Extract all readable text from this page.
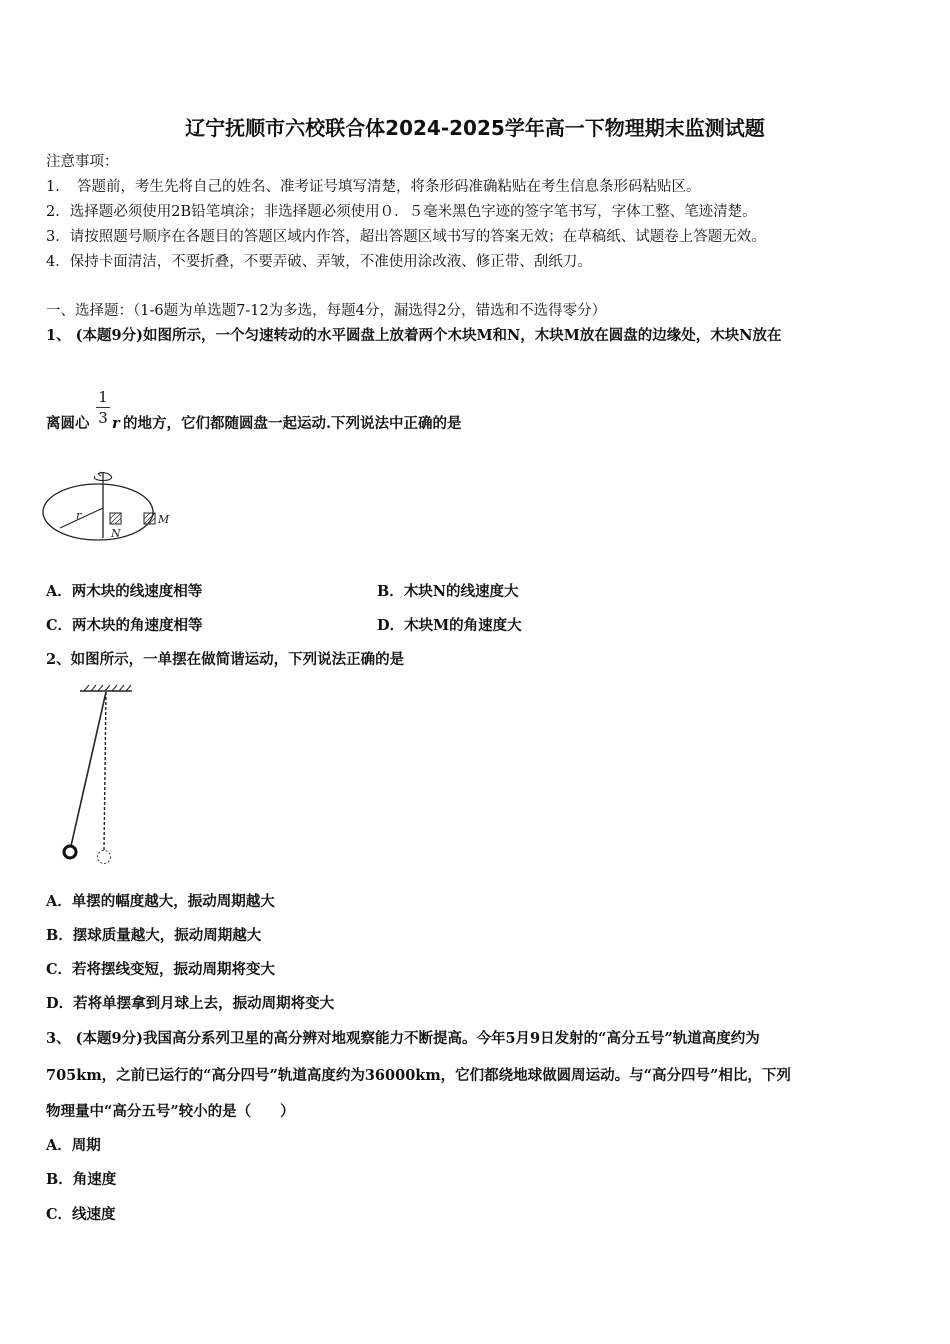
辽宁抚顺市六校联合体2024-2025学年高一下物理期末监测试题
注意事项：
1．　答题前，考生先将自己的姓名、准考证号填写清楚，将条形码准确粘贴在考生信息条形码粘贴区。
2．选择题必须使用2B铅笔填涂；非选择题必须使用０．５毫米黑色字迹的签字笔书写，字体工整、笔迹清楚。
3．请按照题号顺序在各题目的答题区域内作答，超出答题区域书写的答案无效；在草稿纸、试题卷上答题无效。
4．保持卡面清洁，不要折叠，不要弄破、弄皱，不准使用涂改液、修正带、刮纸刀。
一、选择题：（1-6题为单选题7-12为多选，每题4分，漏选得2分，错选和不选得零分）
1、 (本题9分)如图所示，一个匀速转动的水平圆盘上放着两个木块M和N，木块M放在圆盘的边缘处，木块N放在
离圆心
1
3 r 的地方，它们都随圆盘一起运动.下列说法中正确的是
r
N
M
A．两木块的线速度相等	B．木块N的线速度大
C．两木块的角速度相等	D．木块M的角速度大
2、如图所示，一单摆在做简谐运动，下列说法正确的是
A．单摆的幅度越大，振动周期越大
B．摆球质量越大，振动周期越大
C．若将摆线变短，振动周期将变大
D．若将单摆拿到月球上去，振动周期将变大
3、 (本题9分)我国高分系列卫星的高分辨对地观察能力不断提高。今年5月9日发射的“高分五号”轨道高度约为
705km，之前已运行的“高分四号”轨道高度约为36000km，它们都绕地球做圆周运动。与“高分四号”相比，下列
物理量中“高分五号”较小的是（　　）
A．周期
B．角速度
C．线速度
